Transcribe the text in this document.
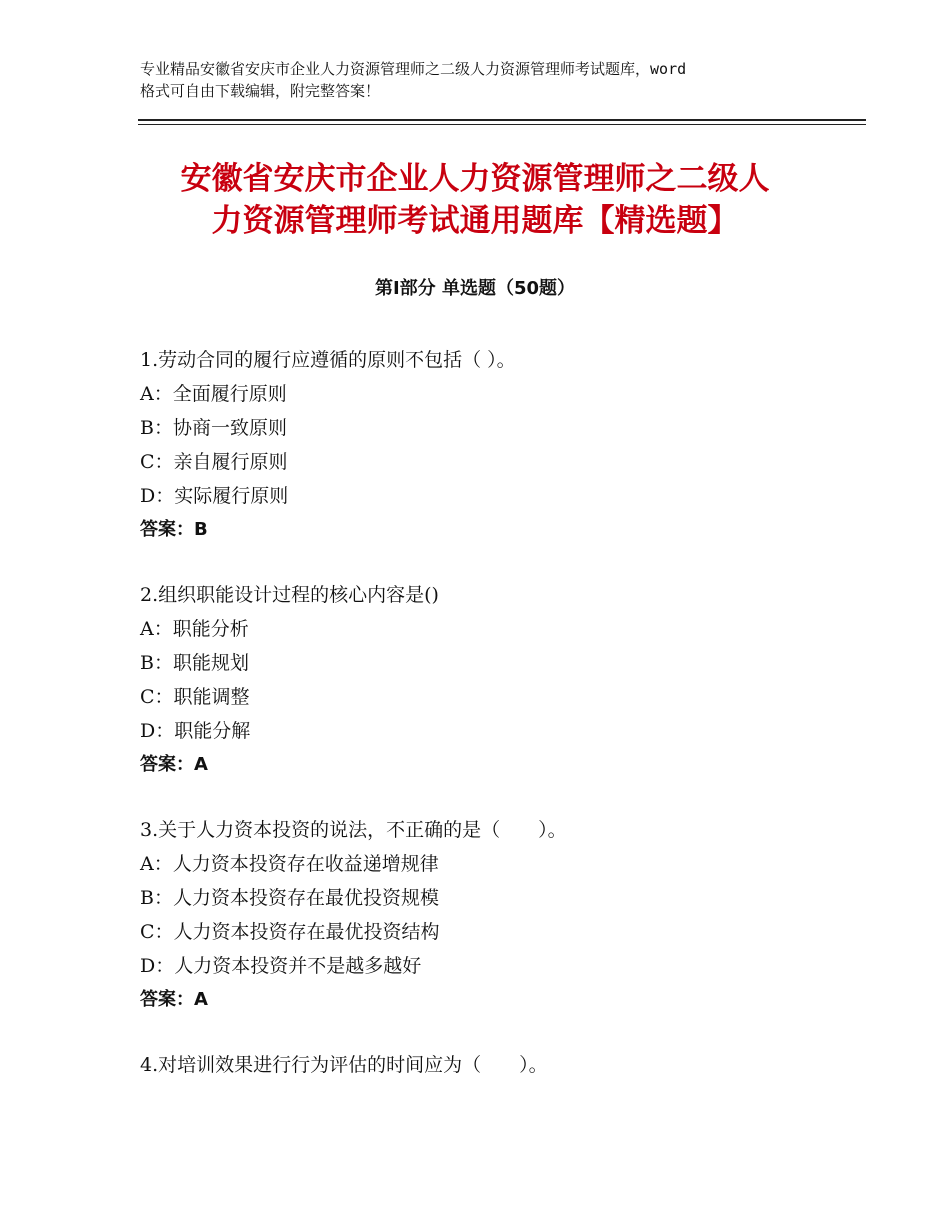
专业精品安徽省安庆市企业人力资源管理师之二级人力资源管理师考试题库，word
格式可自由下载编辑，附完整答案！
安徽省安庆市企业人力资源管理师之二级人
力资源管理师考试通用题库【精选题】
第Ⅰ部分 单选题（50题）
1.劳动合同的履行应遵循的原则不包括（ ）。
A：全面履行原则
B：协商一致原则
C：亲自履行原则
D：实际履行原则
答案：B
2.组织职能设计过程的核心内容是()
A：职能分析
B：职能规划
C：职能调整
D：职能分解
答案：A
3.关于人力资本投资的说法，不正确的是（　　）。
A：人力资本投资存在收益递增规律
B：人力资本投资存在最优投资规模
C：人力资本投资存在最优投资结构
D：人力资本投资并不是越多越好
答案：A
4.对培训效果进行行为评估的时间应为（　　）。
